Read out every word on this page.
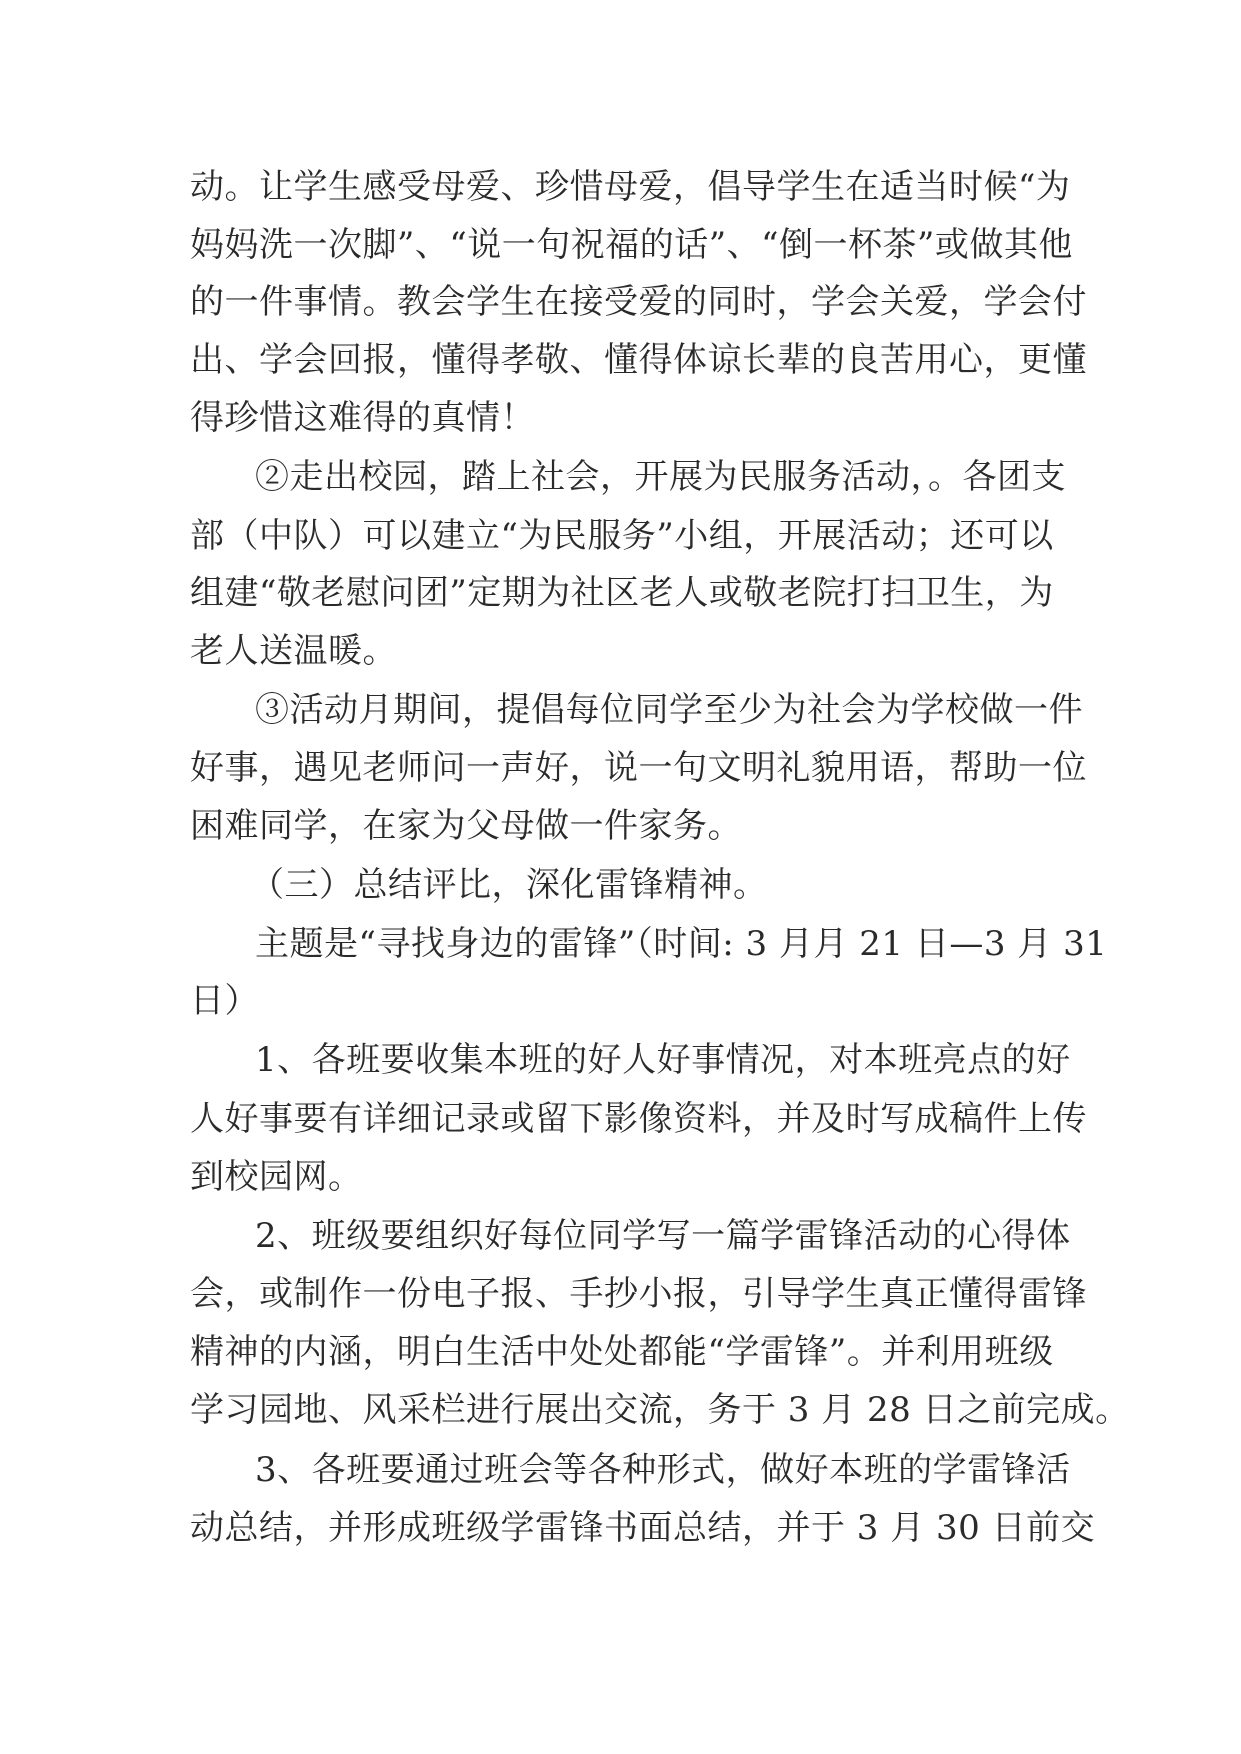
动。让学生感受母爱、珍惜母爱，倡导学生在适当时候“为
妈妈洗一次脚”、“说一句祝福的话”、“倒一杯茶”或做其他
的一件事情。教会学生在接受爱的同时，学会关爱，学会付
出、学会回报，懂得孝敬、懂得体谅长辈的良苦用心，更懂
得珍惜这难得的真情！
②走出校园，踏上社会，开展为民服务活动，。各团支
部（中队）可以建立“为民服务”小组，开展活动；还可以
组建“敬老慰问团”定期为社区老人或敬老院打扫卫生，为
老人送温暖。
③活动月期间，提倡每位同学至少为社会为学校做一件
好事，遇见老师问一声好，说一句文明礼貌用语，帮助一位
困难同学，在家为父母做一件家务。
（三）总结评比，深化雷锋精神。
主题是“寻找身边的雷锋”（时间: 3 月月 21 日—3 月 31
日）
1、各班要收集本班的好人好事情况，对本班亮点的好
人好事要有详细记录或留下影像资料，并及时写成稿件上传
到校园网。
2、班级要组织好每位同学写一篇学雷锋活动的心得体
会，或制作一份电子报、手抄小报，引导学生真正懂得雷锋
精神的内涵，明白生活中处处都能“学雷锋”。并利用班级
学习园地、风采栏进行展出交流，务于 3 月 28 日之前完成。
3、各班要通过班会等各种形式，做好本班的学雷锋活
动总结，并形成班级学雷锋书面总结，并于 3 月 30 日前交
